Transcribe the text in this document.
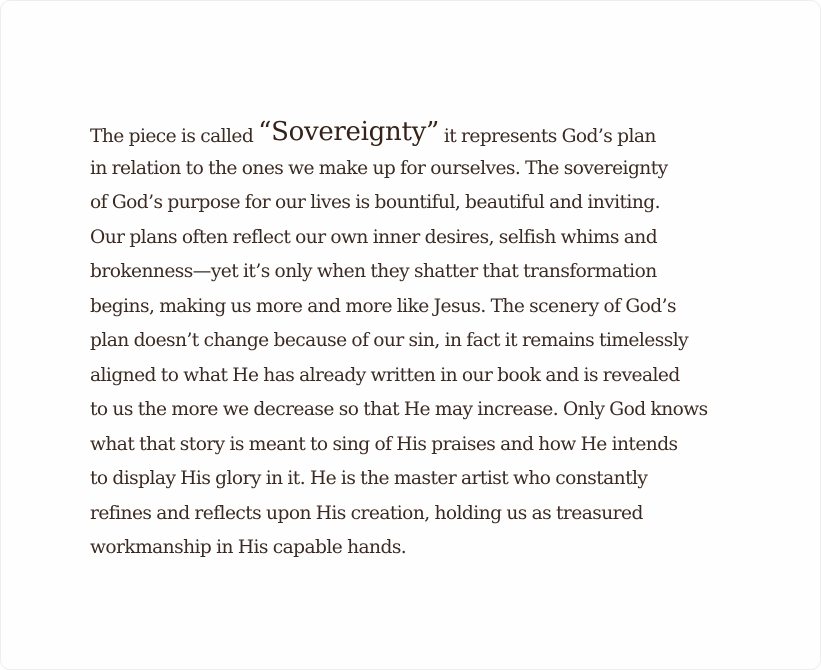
The piece is called “Sovereignty” it represents God’s plan
in relation to the ones we make up for ourselves. The sovereignty
of God’s purpose for our lives is bountiful, beautiful and inviting.
Our plans often reflect our own inner desires, selfish whims and
brokenness—yet it’s only when they shatter that transformation
begins, making us more and more like Jesus. The scenery of God’s
plan doesn’t change because of our sin, in fact it remains timelessly
aligned to what He has already written in our book and is revealed
to us the more we decrease so that He may increase. Only God knows
what that story is meant to sing of His praises and how He intends
to display His glory in it. He is the master artist who constantly
refines and reflects upon His creation, holding us as treasured
workmanship in His capable hands.
